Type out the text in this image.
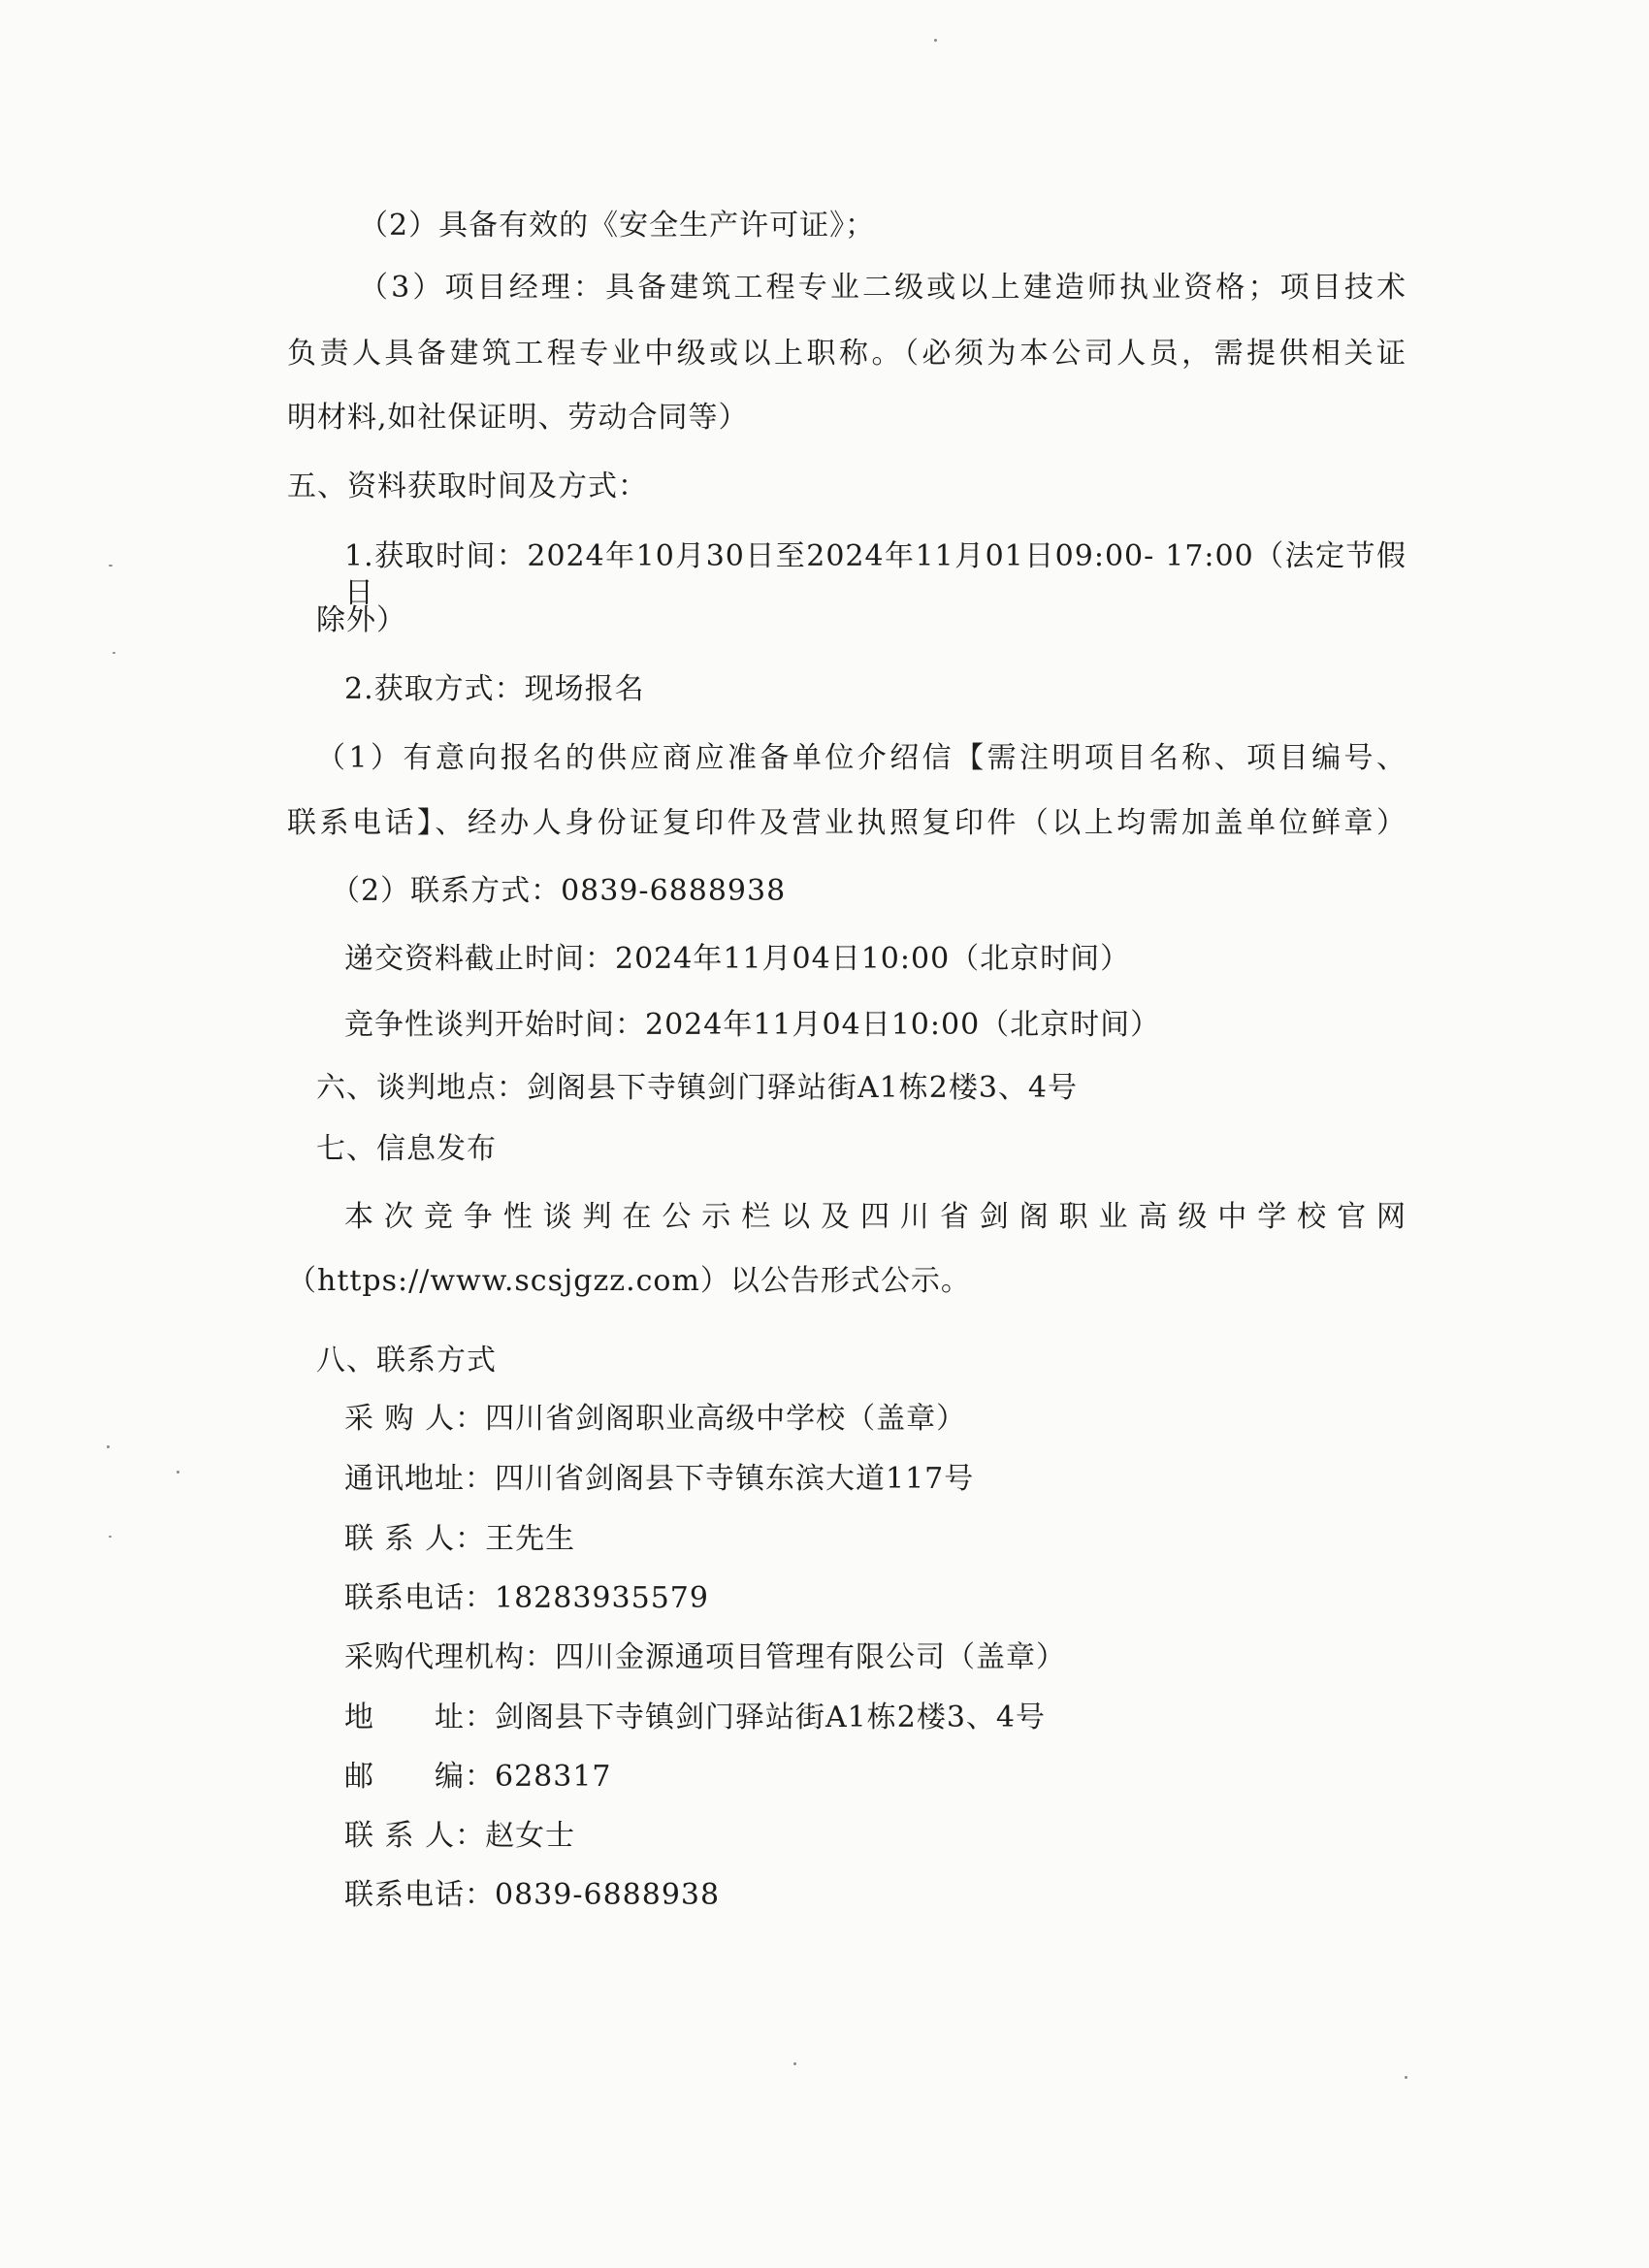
（2）具备有效的《安全生产许可证》；
（3）项目经理：具备建筑工程专业二级或以上建造师执业资格；项目技术
负责人具备建筑工程专业中级或以上职称。（必须为本公司人员，需提供相关证
明材料,如社保证明、劳动合同等）
五、资料获取时间及方式：
1.获取时间：2024年10月30日至2024年11月01日09:00- 17:00（法定节假日
除外）
2.获取方式：现场报名
（1）有意向报名的供应商应准备单位介绍信【需注明项目名称、项目编号、
联系电话】、经办人身份证复印件及营业执照复印件（以上均需加盖单位鲜章）
（2）联系方式：0839-6888938
递交资料截止时间：2024年11月04日10:00（北京时间）
竞争性谈判开始时间：2024年11月04日10:00（北京时间）
六、谈判地点：剑阁县下寺镇剑门驿站街A1栋2楼3、4号
七、信息发布
本次竞争性谈判在公示栏以及四川省剑阁职业高级中学校官网
（https://www.scsjgzz.com）以公告形式公示。
八、联系方式
采 购 人：四川省剑阁职业高级中学校（盖章）
通讯地址：四川省剑阁县下寺镇东滨大道117号
联 系 人：王先生
联系电话：18283935579
采购代理机构：四川金源通项目管理有限公司（盖章）
地　　址：剑阁县下寺镇剑门驿站街A1栋2楼3、4号
邮　　编：628317
联 系 人：赵女士
联系电话：0839-6888938
